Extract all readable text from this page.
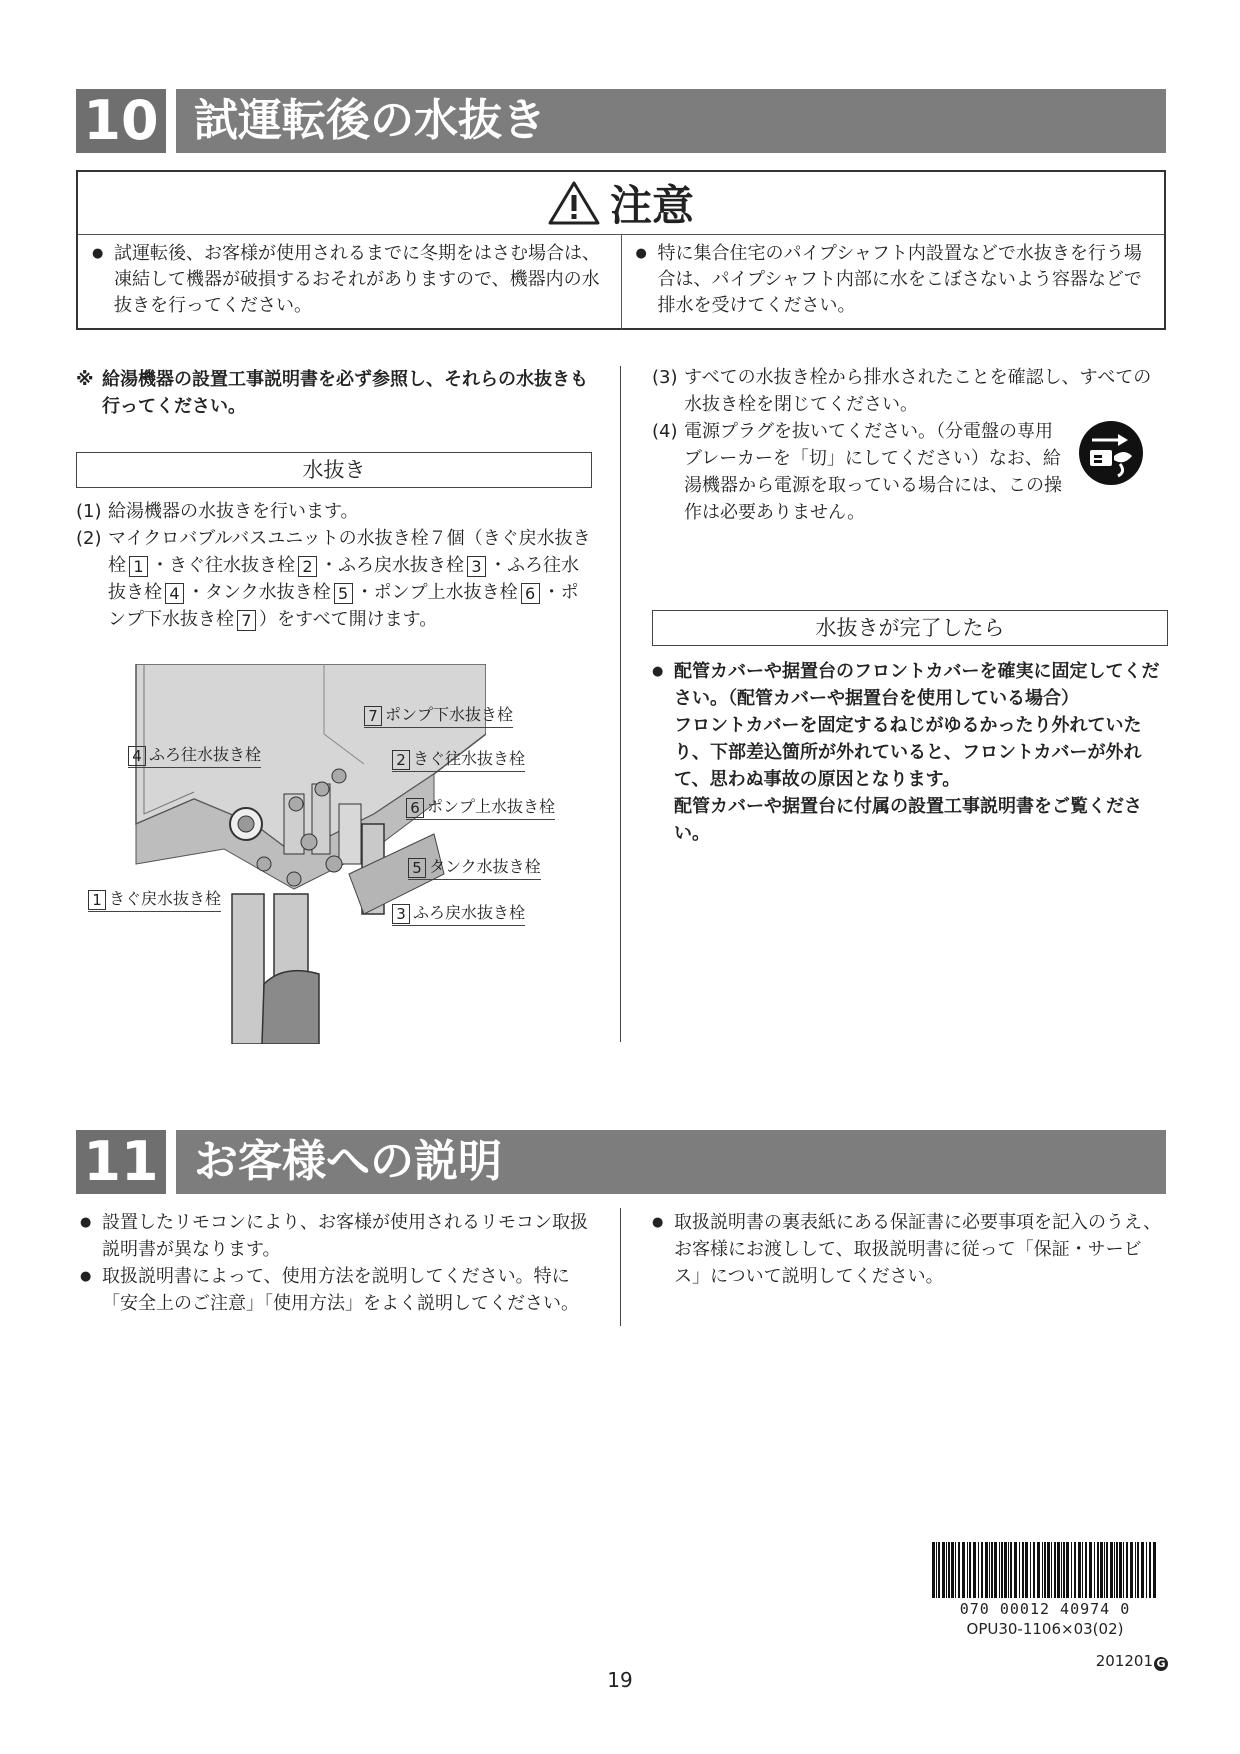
10 試運転後の水抜き
注意
● 試運転後、お客様が使用されるまでに冬期をはさむ場合は、凍結して機器が破損するおそれがありますので、機器内の水抜きを行ってください。
● 特に集合住宅のパイプシャフト内設置などで水抜きを行う場合は、パイプシャフト内部に水をこぼさないよう容器などで排水を受けてください。
※ 給湯機器の設置工事説明書を必ず参照し、それらの水抜きも行ってください。
水抜き
(1) 給湯機器の水抜きを行います。
(2) マイクロバブルバスユニットの水抜き栓７個（きぐ戻水抜き栓 1 ・きぐ往水抜き栓 2 ・ふろ戻水抜き栓 3 ・ふろ往水抜き栓 4 ・タンク水抜き栓 5 ・ポンプ上水抜き栓 6 ・ポンプ下水抜き栓 7 ）をすべて開けます。
7 ポンプ下水抜き栓
4 ふろ往水抜き栓	2 きぐ往水抜き栓
6 ポンプ上水抜き栓
5 タンク水抜き栓
1 きぐ戻水抜き栓
3 ふろ戻水抜き栓
(3) すべての水抜き栓から排水されたことを確認し、すべての水抜き栓を閉じてください。
(4) 電源プラグを抜いてください。（分電盤の専用ブレーカーを「切」にしてください）なお、給湯機器から電源を取っている場合には、この操作は必要ありません。
水抜きが完了したら
● 配管カバーや据置台のフロントカバーを確実に固定してください。（配管カバーや据置台を使用している場合）
フロントカバーを固定するねじがゆるかったり外れていたり、下部差込箇所が外れていると、フロントカバーが外れて、思わぬ事故の原因となります。
配管カバーや据置台に付属の設置工事説明書をご覧ください。
11 お客様への説明
● 設置したリモコンにより、お客様が使用されるリモコン取扱説明書が異なります。
● 取扱説明書によって、使用方法を説明してください。特に「安全上のご注意」「使用方法」をよく説明してください。
● 取扱説明書の裏表紙にある保証書に必要事項を記入のうえ、お客様にお渡しして、取扱説明書に従って「保証・サービス」について説明してください。
070 00012 40974 0
OPU30-1106×03(02)
201201 G
19
